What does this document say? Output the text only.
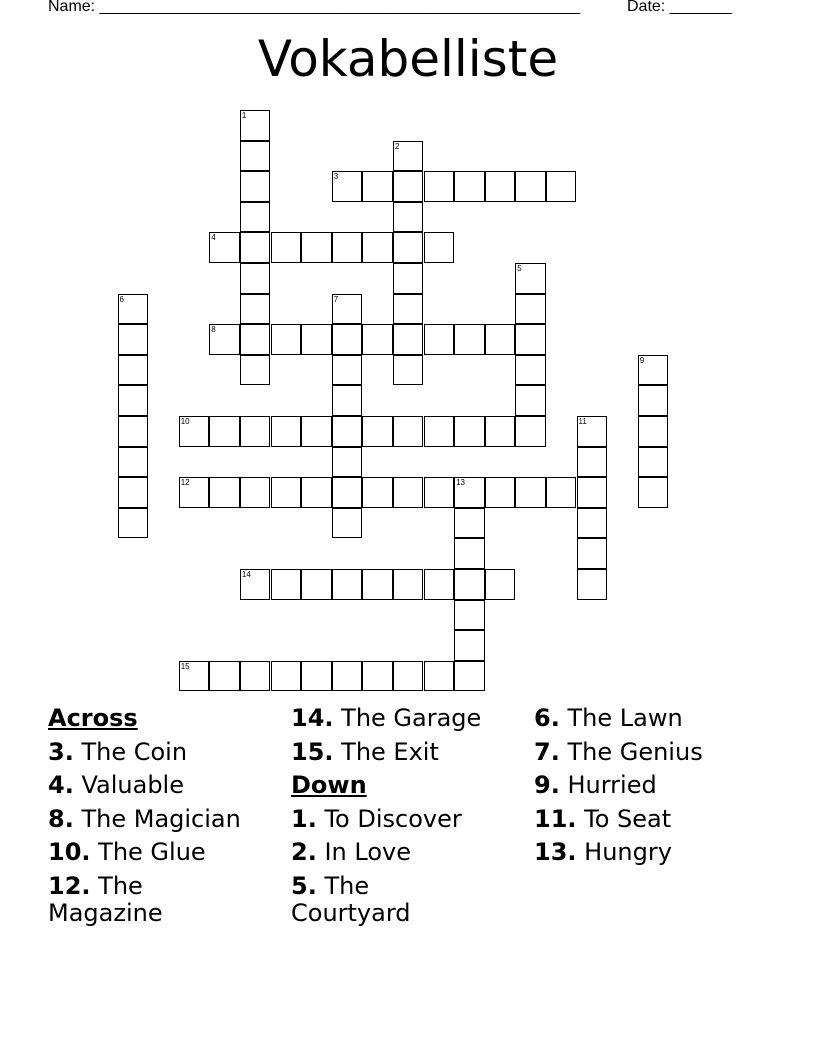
Name: ______________________________________________________	Date: _______
Vokabelliste
1
2
3
4
5
6	7
8
9
10	11
12	13
14
15
Across
3. The Coin
4. Valuable
8. The Magician
10. The Glue
12. The Magazine
14. The Garage
15. The Exit
Down
1. To Discover
2. In Love
5. The Courtyard
6. The Lawn
7. The Genius
9. Hurried
11. To Seat
13. Hungry
